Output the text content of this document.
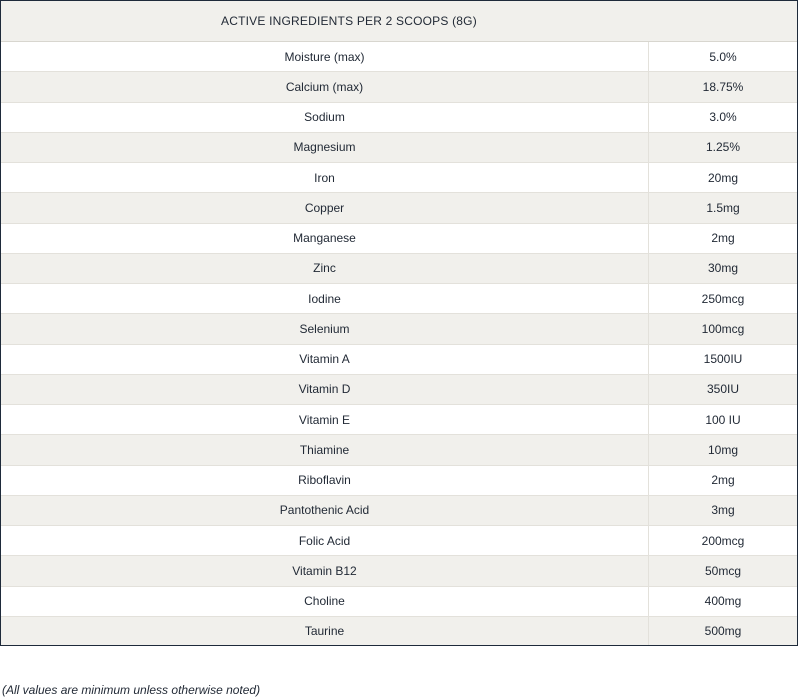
ACTIVE INGREDIENTS PER 2 SCOOPS (8G)
Moisture (max)	5.0%
Calcium (max)	18.75%
Sodium	3.0%
Magnesium	1.25%
Iron	20mg
Copper	1.5mg
Manganese	2mg
Zinc	30mg
Iodine	250mcg
Selenium	100mcg
Vitamin A	1500IU
Vitamin D	350IU
Vitamin E	100 IU
Thiamine	10mg
Riboflavin	2mg
Pantothenic Acid	3mg
Folic Acid	200mcg
Vitamin B12	50mcg
Choline	400mg
Taurine	500mg
(All values are minimum unless otherwise noted)
